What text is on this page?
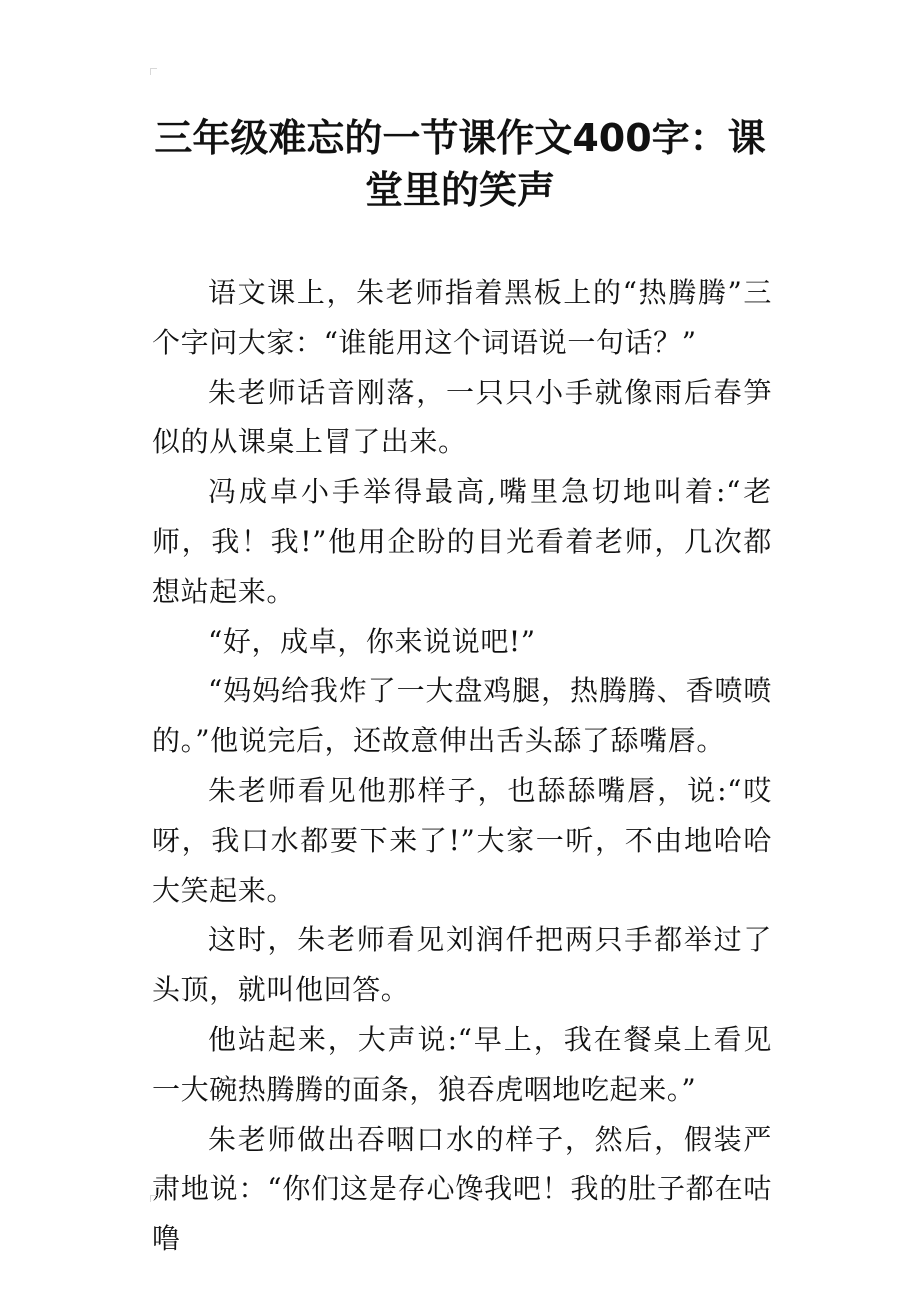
三年级难忘的一节课作文400字：课堂里的笑声

语文课上，朱老师指着黑板上的“热腾腾”三个字问大家：“谁能用这个词语说一句话？”

朱老师话音刚落，一只只小手就像雨后春笋似的从课桌上冒了出来。

冯成卓小手举得最高,嘴里急切地叫着:“老师，我！我!”他用企盼的目光看着老师，几次都想站起来。

“好，成卓，你来说说吧!”

“妈妈给我炸了一大盘鸡腿，热腾腾、香喷喷的。”他说完后，还故意伸出舌头舔了舔嘴唇。

朱老师看见他那样子，也舔舔嘴唇，说:“哎呀，我口水都要下来了!”大家一听，不由地哈哈大笑起来。

这时，朱老师看见刘润仟把两只手都举过了头顶，就叫他回答。

他站起来，大声说:“早上，我在餐桌上看见一大碗热腾腾的面条，狼吞虎咽地吃起来。”

朱老师做出吞咽口水的样子，然后，假装严肃地说：“你们这是存心馋我吧！我的肚子都在咕噜
